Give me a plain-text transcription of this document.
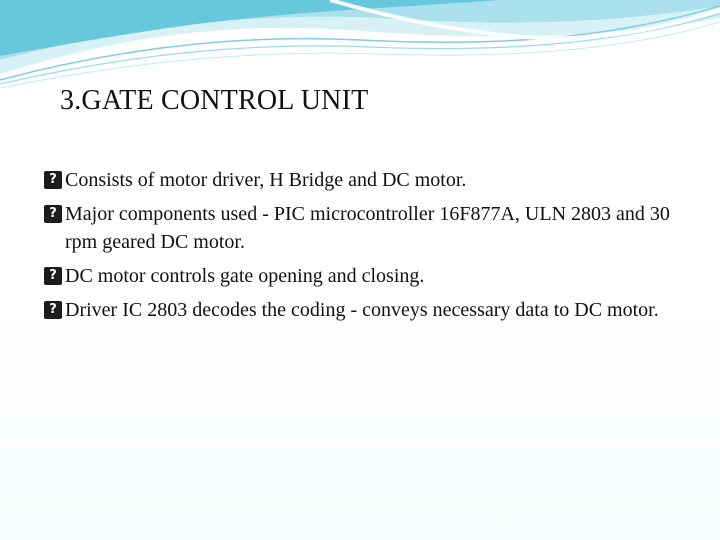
3.GATE CONTROL UNIT
? Consists of motor driver, H Bridge and DC motor.
? Major components used - PIC microcontroller 16F877A, ULN 2803 and 30 rpm geared DC motor.
? DC motor controls gate opening and closing.
? Driver IC 2803 decodes the coding - conveys necessary data to DC motor.
